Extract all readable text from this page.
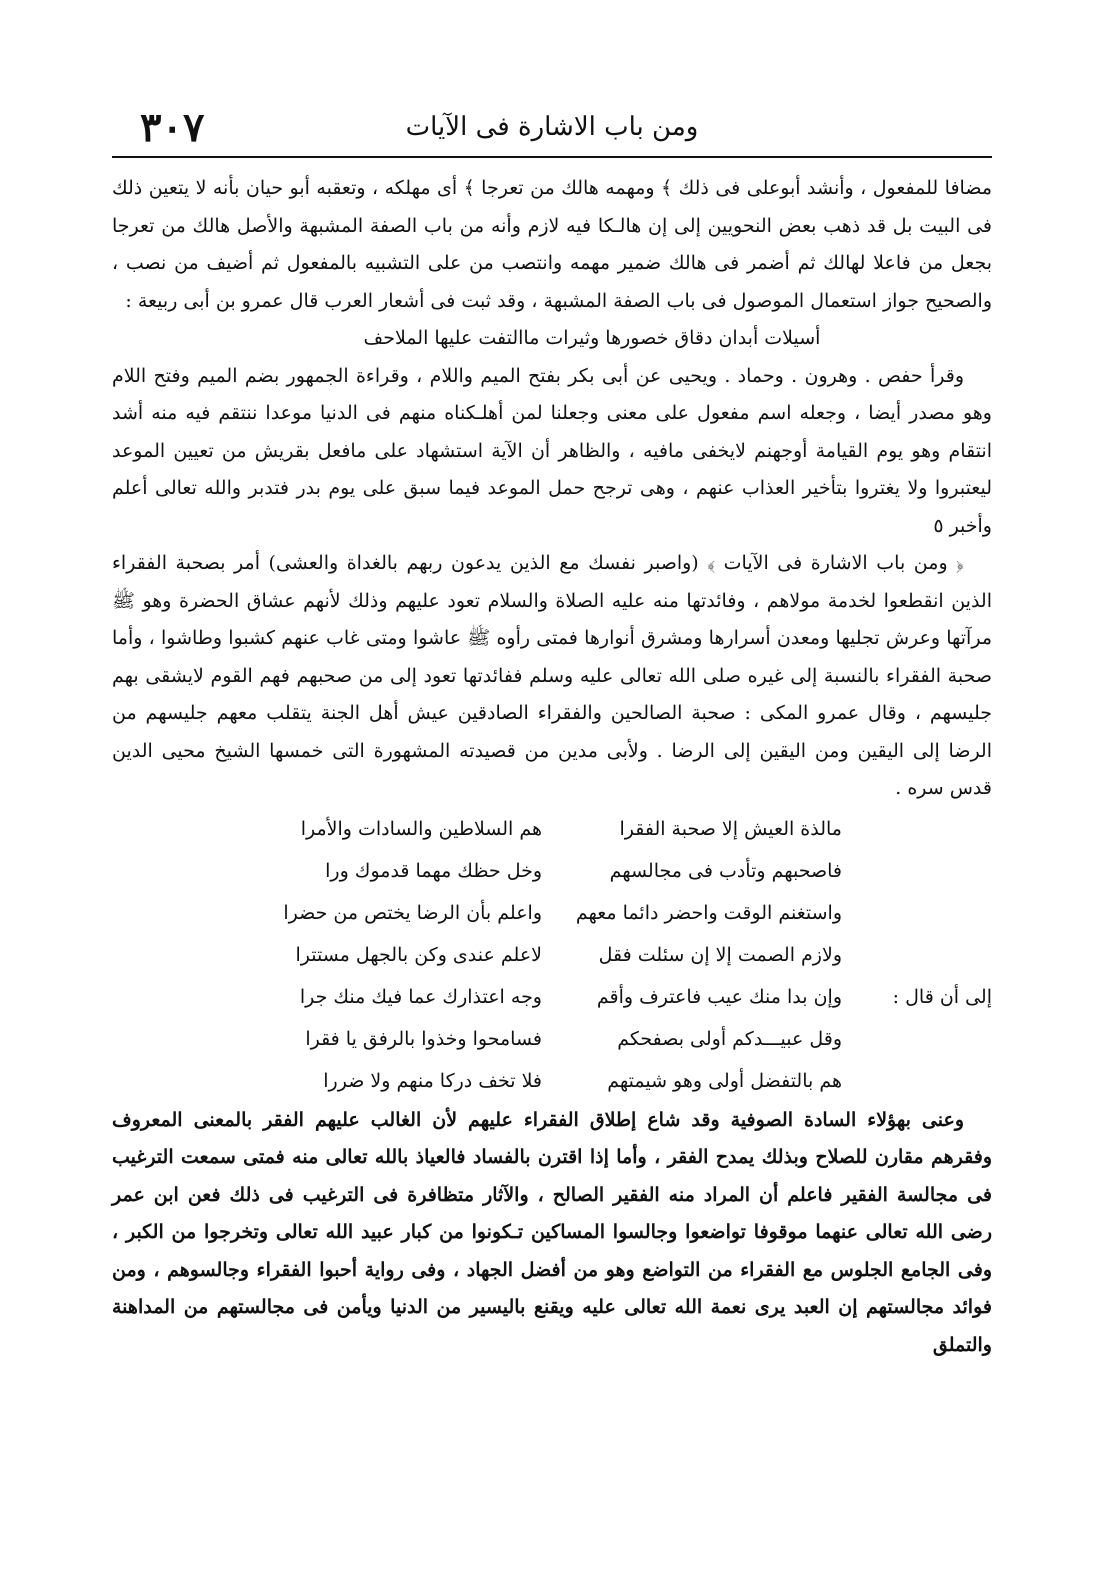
٣٠٧	ومن باب الاشارة فى الآيات

مضافا للمفعول ، وأنشد أبوعلى فى ذلك ﴾ ومهمه هالك من تعرجا ﴾ أى مهلكه ، وتعقبه أبو حيان بأنه لا يتعين ذلك فى البيت بل قد ذهب بعض النحويين إلى إن هالـكا فيه لازم وأنه من باب الصفة المشبهة والأصل هالك من تعرجا بجعل من فاعلا لهالك ثم أضمر فى هالك ضمير مهمه وانتصب من على التشبيه بالمفعول ثم أضيف من نصب ، والصحيح جواز استعمال الموصول فى باب الصفة المشبهة ، وقد ثبت فى أشعار العرب قال عمرو بن أبى ربيعة :

أسيلات أبدان دقاق خصورها وثيرات ماالتفت عليها الملاحف

وقرأ حفص . وهرون . وحماد . ويحيى عن أبى بكر بفتح الميم واللام ، وقراءة الجمهور بضم الميم وفتح اللام وهو مصدر أيضا ، وجعله اسم مفعول على معنى وجعلنا لمن أهلـكناه منهم فى الدنيا موعدا ننتقم فيه منه أشد انتقام وهو يوم القيامة أوجهنم لايخفى مافيه ، والظاهر أن الآية استشهاد على مافعل بقريش من تعيين الموعد ليعتبروا ولا يغتروا بتأخير العذاب عنهم ، وهى ترجح حمل الموعد فيما سبق على يوم بدر فتدبر والله تعالى أعلم وأخبر ٥

﴿ ومن باب الاشارة فى الآيات ﴾ (واصبر نفسك مع الذين يدعون ربهم بالغداة والعشى) أمر بصحبة الفقراء الذين انقطعوا لخدمة مولاهم ، وفائدتها منه عليه الصلاة والسلام تعود عليهم وذلك لأنهم عشاق الحضرة وهو ﷺ مرآتها وعرش تجليها ومعدن أسرارها ومشرق أنوارها فمتى رأوه ﷺ عاشوا ومتى غاب عنهم كشبوا وطاشوا ، وأما صحبة الفقراء بالنسبة إلى غيره صلى الله تعالى عليه وسلم ففائدتها تعود إلى من صحبهم فهم القوم لايشقى بهم جليسهم ، وقال عمرو المكى : صحبة الصالحين والفقراء الصادقين عيش أهل الجنة يتقلب معهم جليسهم من الرضا إلى اليقين ومن اليقين إلى الرضا . ولأبى مدين من قصيدته المشهورة التى خمسها الشيخ محيى الدين قدس سره .

	مالذة العيش إلا صحبة الفقرا	هم السلاطين والسادات والأمرا
	فاصحبهم وتأدب فى مجالسهم	وخل حظك مهما قدموك ورا
	واستغنم الوقت واحضر دائما معهم	واعلم بأن الرضا يختص من حضرا
	ولازم الصمت إلا إن سئلت فقل	لاعلم عندى وكن بالجهل مستترا
إلى أن قال :	وإن بدا منك عيب فاعترف وأقم	وجه اعتذارك عما فيك منك جرا
	وقل عبيـــدكم أولى بصفحكم	فسامحوا وخذوا بالرفق يا فقرا
	هم بالتفضل أولى وهو شيمتهم	فلا تخف دركا منهم ولا ضررا

وعنى بهؤلاء السادة الصوفية وقد شاع إطلاق الفقراء عليهم لأن الغالب عليهم الفقر بالمعنى المعروف وفقرهم مقارن للصلاح وبذلك يمدح الفقر ، وأما إذا اقترن بالفساد فالعياذ بالله تعالى منه فمتى سمعت الترغيب فى مجالسة الفقير فاعلم أن المراد منه الفقير الصالح ، والآثار متظافرة فى الترغيب فى ذلك فعن ابن عمر رضى الله تعالى عنهما موقوفا تواضعوا وجالسوا المساكين تـكونوا من كبار عبيد الله تعالى وتخرجوا من الكبر ، وفى الجامع الجلوس مع الفقراء من التواضع وهو من أفضل الجهاد ، وفى رواية أحبوا الفقراء وجالسوهم ، ومن فوائد مجالستهم إن العبد يرى نعمة الله تعالى عليه ويقنع باليسير من الدنيا ويأمن فى مجالستهم من المداهنة والتملق
